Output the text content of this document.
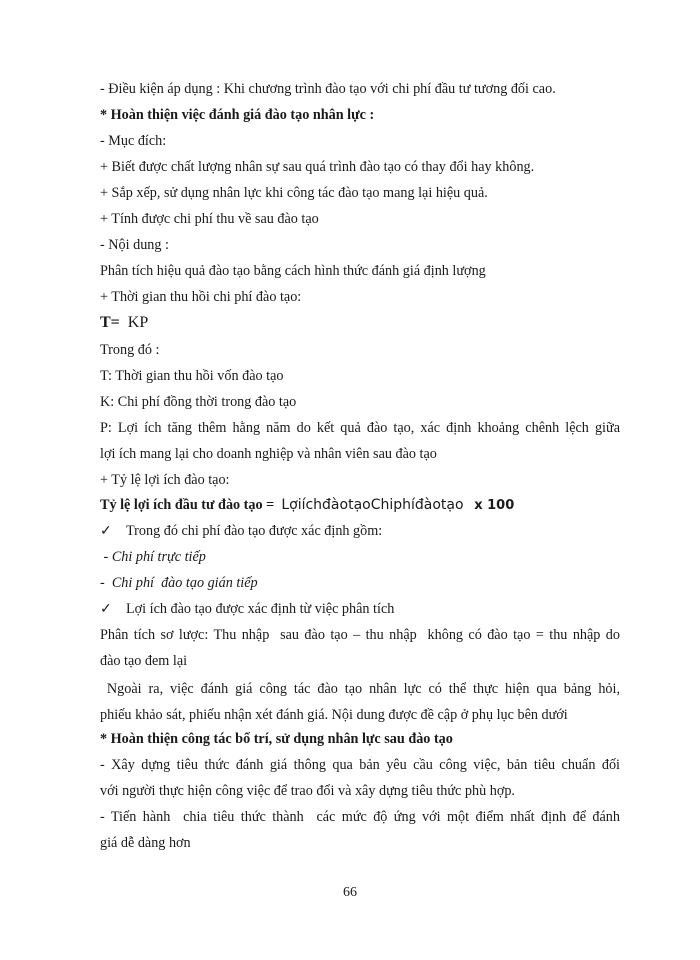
- Điều kiện áp dụng : Khi chương trình đào tạo với chi phí đầu tư tương đối cao.
* Hoàn thiện việc đánh giá đào tạo nhân lực :
- Mục đích:
+ Biết được chất lượng nhân sự sau quá trình đào tạo có thay đổi hay không.
+ Sắp xếp, sử dụng nhân lực khi công tác đào tạo mang lại hiệu quả.
+ Tính được chi phí thu về sau đào tạo
- Nội dung :
Phân tích hiệu quả đào tạo bằng cách hình thức đánh giá định lượng
+ Thời gian thu hồi chi phí đào tạo:
T= KP
Trong đó :
T: Thời gian thu hồi vốn đào tạo
K: Chi phí đồng thời trong đào tạo
P: Lợi ích tăng thêm hằng năm do kết quả đào tạo, xác định khoảng chênh lệch giữa
lợi ích mang lại cho doanh nghiệp và nhân viên sau đào tạo
+ Tỷ lệ lợi ích đào tạo:
Tỷ lệ lợi ích đầu tư đào tạo = LợiíchđàotạoChiphíđàotạo x 100
✓ Trong đó chi phí đào tạo được xác định gồm:
- Chi phí trực tiếp
-  Chi phí  đào tạo gián tiếp
✓ Lợi ích đào tạo được xác định từ việc phân tích
Phân tích sơ lược: Thu nhập  sau đào tạo – thu nhập  không có đào tạo = thu nhập do
đào tạo đem lại
Ngoài ra, việc đánh giá công tác đào tạo nhân lực có thể thực hiện qua bảng hỏi,
phiếu khảo sát, phiếu nhận xét đánh giá. Nội dung được đề cập ở phụ lục bên dưới
* Hoàn thiện công tác bố trí, sử dụng nhân lực sau đào tạo
- Xây dựng tiêu thức đánh giá thông qua bản yêu cầu công việc, bản tiêu chuẩn đối
với người thực hiện công việc để trao đổi và xây dựng tiêu thức phù hợp.
- Tiến hành  chia tiêu thức thành  các mức độ ứng với một điểm nhất định để đánh
giá dễ dàng hơn
66
